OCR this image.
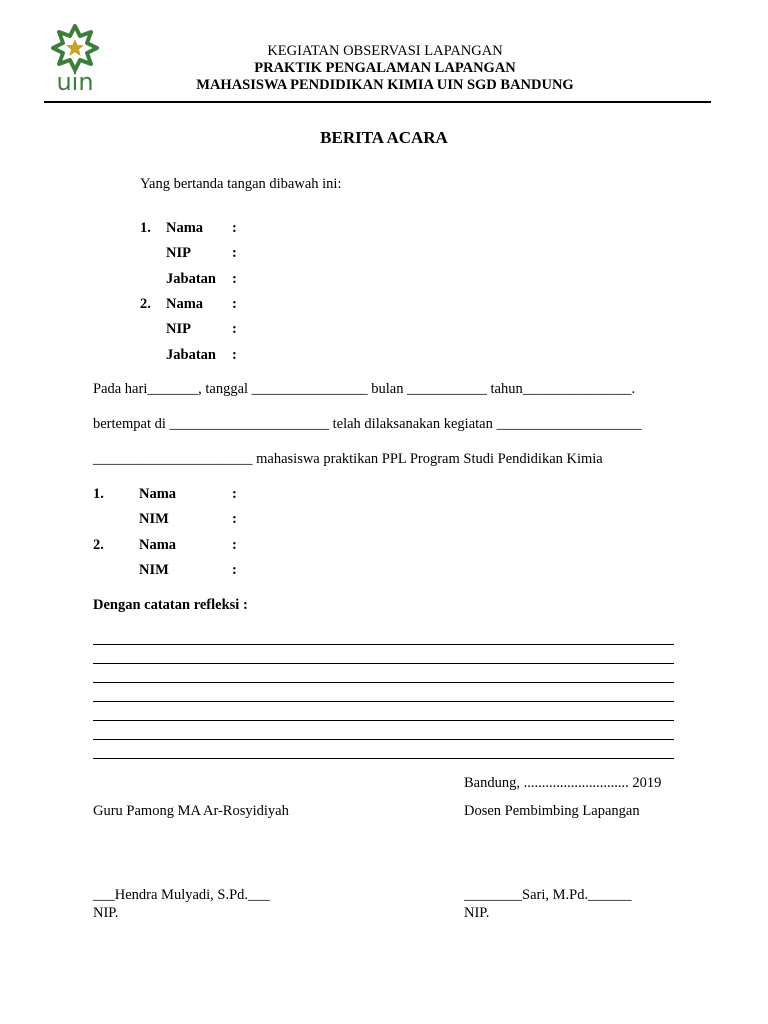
uin
KEGIATAN OBSERVASI LAPANGAN
PRAKTIK PENGALAMAN LAPANGAN
MAHASISWA PENDIDIKAN KIMIA UIN SGD BANDUNG
BERITA ACARA
Yang bertanda tangan dibawah ini:
1. Nama :
NIP	:
Jabatan :
2. Nama :
NIP	:
Jabatan :
Pada hari_______, tanggal ________________ bulan ___________ tahun_______________.
bertempat di ______________________ telah dilaksanakan kegiatan ____________________
______________________ mahasiswa praktikan PPL Program Studi Pendidikan Kimia
1. Nama	:
NIM	:
2. Nama	:
NIM	:
Dengan catatan refleksi :
Bandung, ............................. 2019
Guru Pamong MA Ar-Rosyidiyah	Dosen Pembimbing Lapangan
___Hendra Mulyadi, S.Pd.___	________Sari, M.Pd.______
NIP.	NIP.
